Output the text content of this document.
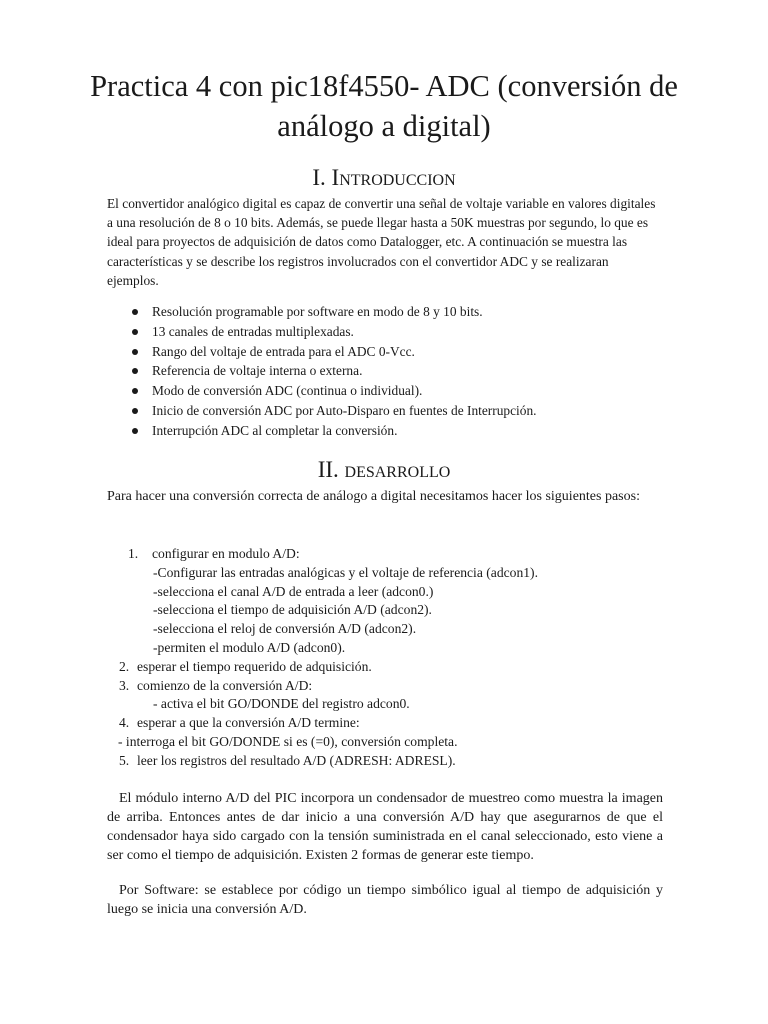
Practica 4 con pic18f4550- ADC (conversión de
análogo a digital)
I. Introduccion

El convertidor analógico digital es capaz de convertir una señal de voltaje variable en valores digitales a una resolución de 8 o 10 bits. Además, se puede llegar hasta a 50K muestras por segundo, lo que es ideal para proyectos de adquisición de datos como Datalogger, etc. A continuación se muestra las características y se describe los registros involucrados con el convertidor ADC y se realizaran ejemplos.

Resolución programable por software en modo de 8 y 10 bits.
13 canales de entradas multiplexadas.
Rango del voltaje de entrada para el ADC 0-Vcc.
Referencia de voltaje interna o externa.
Modo de conversión ADC (continua o individual).
Inicio de conversión ADC por Auto-Disparo en fuentes de Interrupción.
Interrupción ADC al completar la conversión.
II. desarrollo

Para hacer una conversión correcta de análogo a digital necesitamos hacer los siguientes pasos:

1. configurar en modulo A/D:
-Configurar las entradas analógicas y el voltaje de referencia (adcon1).
-selecciona el canal A/D de entrada a leer (adcon0.)
-selecciona el tiempo de adquisición A/D (adcon2).
-selecciona el reloj de conversión A/D (adcon2).
-permiten el modulo A/D (adcon0).
2. esperar el tiempo requerido de adquisición.
3. comienzo de la conversión A/D:
- activa el bit GO/DONDE del registro adcon0.
4. esperar a que la conversión A/D termine:
- interroga el bit GO/DONDE si es (=0), conversión completa.
5. leer los registros del resultado A/D (ADRESH: ADRESL).

El módulo interno A/D del PIC incorpora un condensador de muestreo como muestra la imagen de arriba. Entonces antes de dar inicio a una conversión A/D hay que asegurarnos de que el condensador haya sido cargado con la tensión suministrada en el canal seleccionado, esto viene a ser como el tiempo de adquisición. Existen 2 formas de generar este tiempo.

Por Software: se establece por código un tiempo simbólico igual al tiempo de adquisición y luego se inicia una conversión A/D.
